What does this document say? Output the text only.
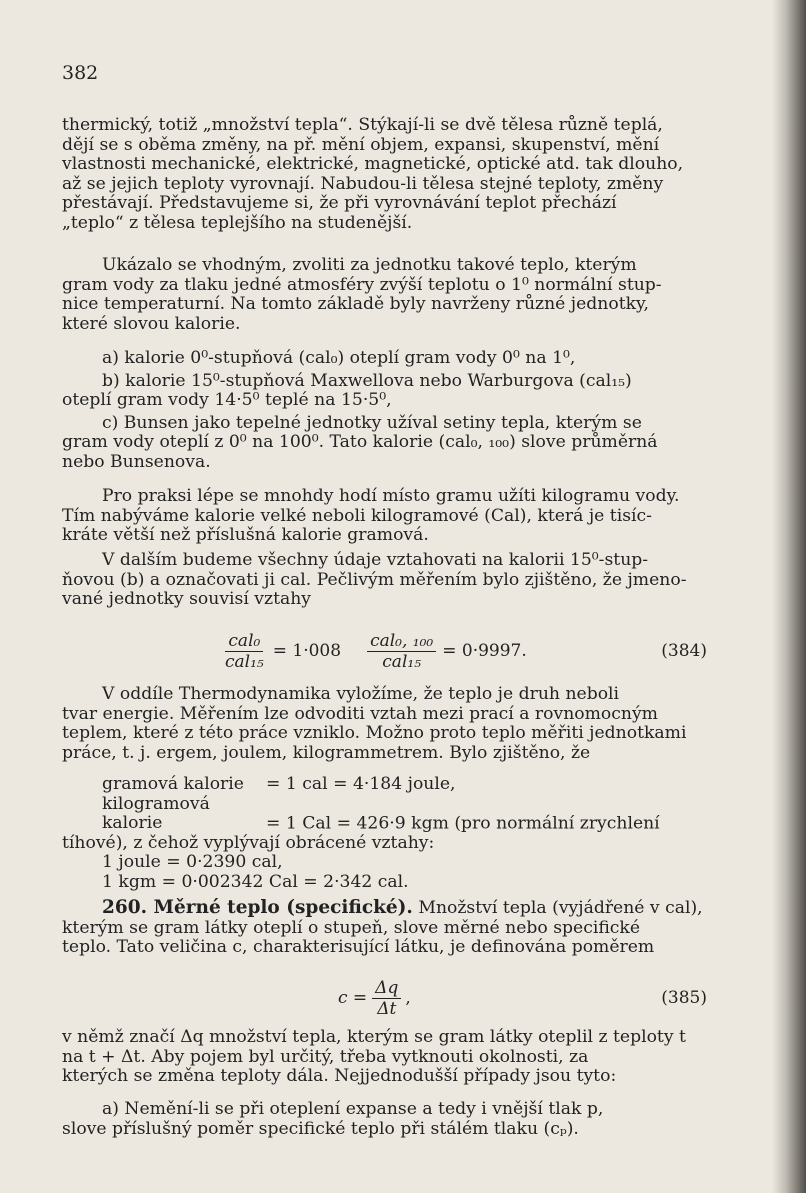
382
thermický, totiž „množství tepla“. Stýkají-li se dvě tělesa různě teplá,
dějí se s oběma změny, na př. mění objem, expansi, skupenství, mění
vlastnosti mechanické, elektrické, magnetické, optické atd. tak dlouho,
až se jejich teploty vyrovnají. Nabudou-li tělesa stejné teploty, změny
přestávají. Představujeme si, že při vyrovnávání teplot přechází
„teplo“ z tělesa teplejšího na studenější.
Ukázalo se vhodným, zvoliti za jednotku takové teplo, kterým
gram vody za tlaku jedné atmosféry zvýší teplotu o 1⁰ normální stup-
nice temperaturní. Na tomto základě byly navrženy různé jednotky,
které slovou kalorie.
a) kalorie 0⁰-stupňová (cal₀) oteplí gram vody 0⁰ na 1⁰,
b) kalorie 15⁰-stupňová Maxwellova nebo Warburgova (cal₁₅)
oteplí gram vody 14·5⁰ teplé na 15·5⁰,
c) Bunsen jako tepelné jednotky užíval setiny tepla, kterým se
gram vody oteplí z 0⁰ na 100⁰. Tato kalorie (cal₀, ₁₀₀) slove průměrná
nebo Bunsenova.
Pro praksi lépe se mnohdy hodí místo gramu užíti kilogramu vody.
Tím nabýváme kalorie velké neboli kilogramové (Cal), která je tisíc-
kráte větší než příslušná kalorie gramová.
V dalším budeme všechny údaje vztahovati na kalorii 15⁰-stup-
ňovou (b) a označovati ji cal. Pečlivým měřením bylo zjištěno, že jmeno-
vané jednotky souvisí vztahy
$\frac{\text{cal₀}}{\text{cal₁₅}} = 1\cdot 008 \frac{\text{cal₀, ₁₀₀}}{\text{cal₁₅}} = 0\cdot 9997$.	(384)
V oddíle Thermodynamika vyložíme, že teplo je druh neboli
tvar energie. Měřením lze odvoditi vztah mezi prací a rovnomocným
teplem, které z této práce vzniklo. Možno proto teplo měřiti jednotkami
práce, t. j. ergem, joulem, kilogrammetrem. Bylo zjištěno, že
gramová kalorie = 1 cal = 4·184 joule,
kilogramová kalorie	= 1 Cal = 426·9 kgm (pro normální zrychlení
tíhové), z čehož vyplývají obrácené vztahy:
1 joule = 0·2390 cal,
1 kgm = 0·002342 Cal = 2·342 cal.
260. Měrné teplo (specifické). Množství tepla (vyjádřené v cal),
kterým se gram látky oteplí o stupeň, slove měrné nebo specifické
teplo. Tato veličina c, charakterisující látku, je definována poměrem
$c = \frac{\Delta q}{\Delta t}$ ,	(385)
v němž značí Δq množství tepla, kterým se gram látky oteplil z teploty t
na t + Δt. Aby pojem byl určitý, třeba vytknouti okolnosti, za
kterých se změna teploty dála. Nejjednodušší případy jsou tyto:
a) Nemění-li se při oteplení expanse a tedy i vnější tlak p,
slove příslušný poměr specifické teplo při stálém tlaku (cₚ).
